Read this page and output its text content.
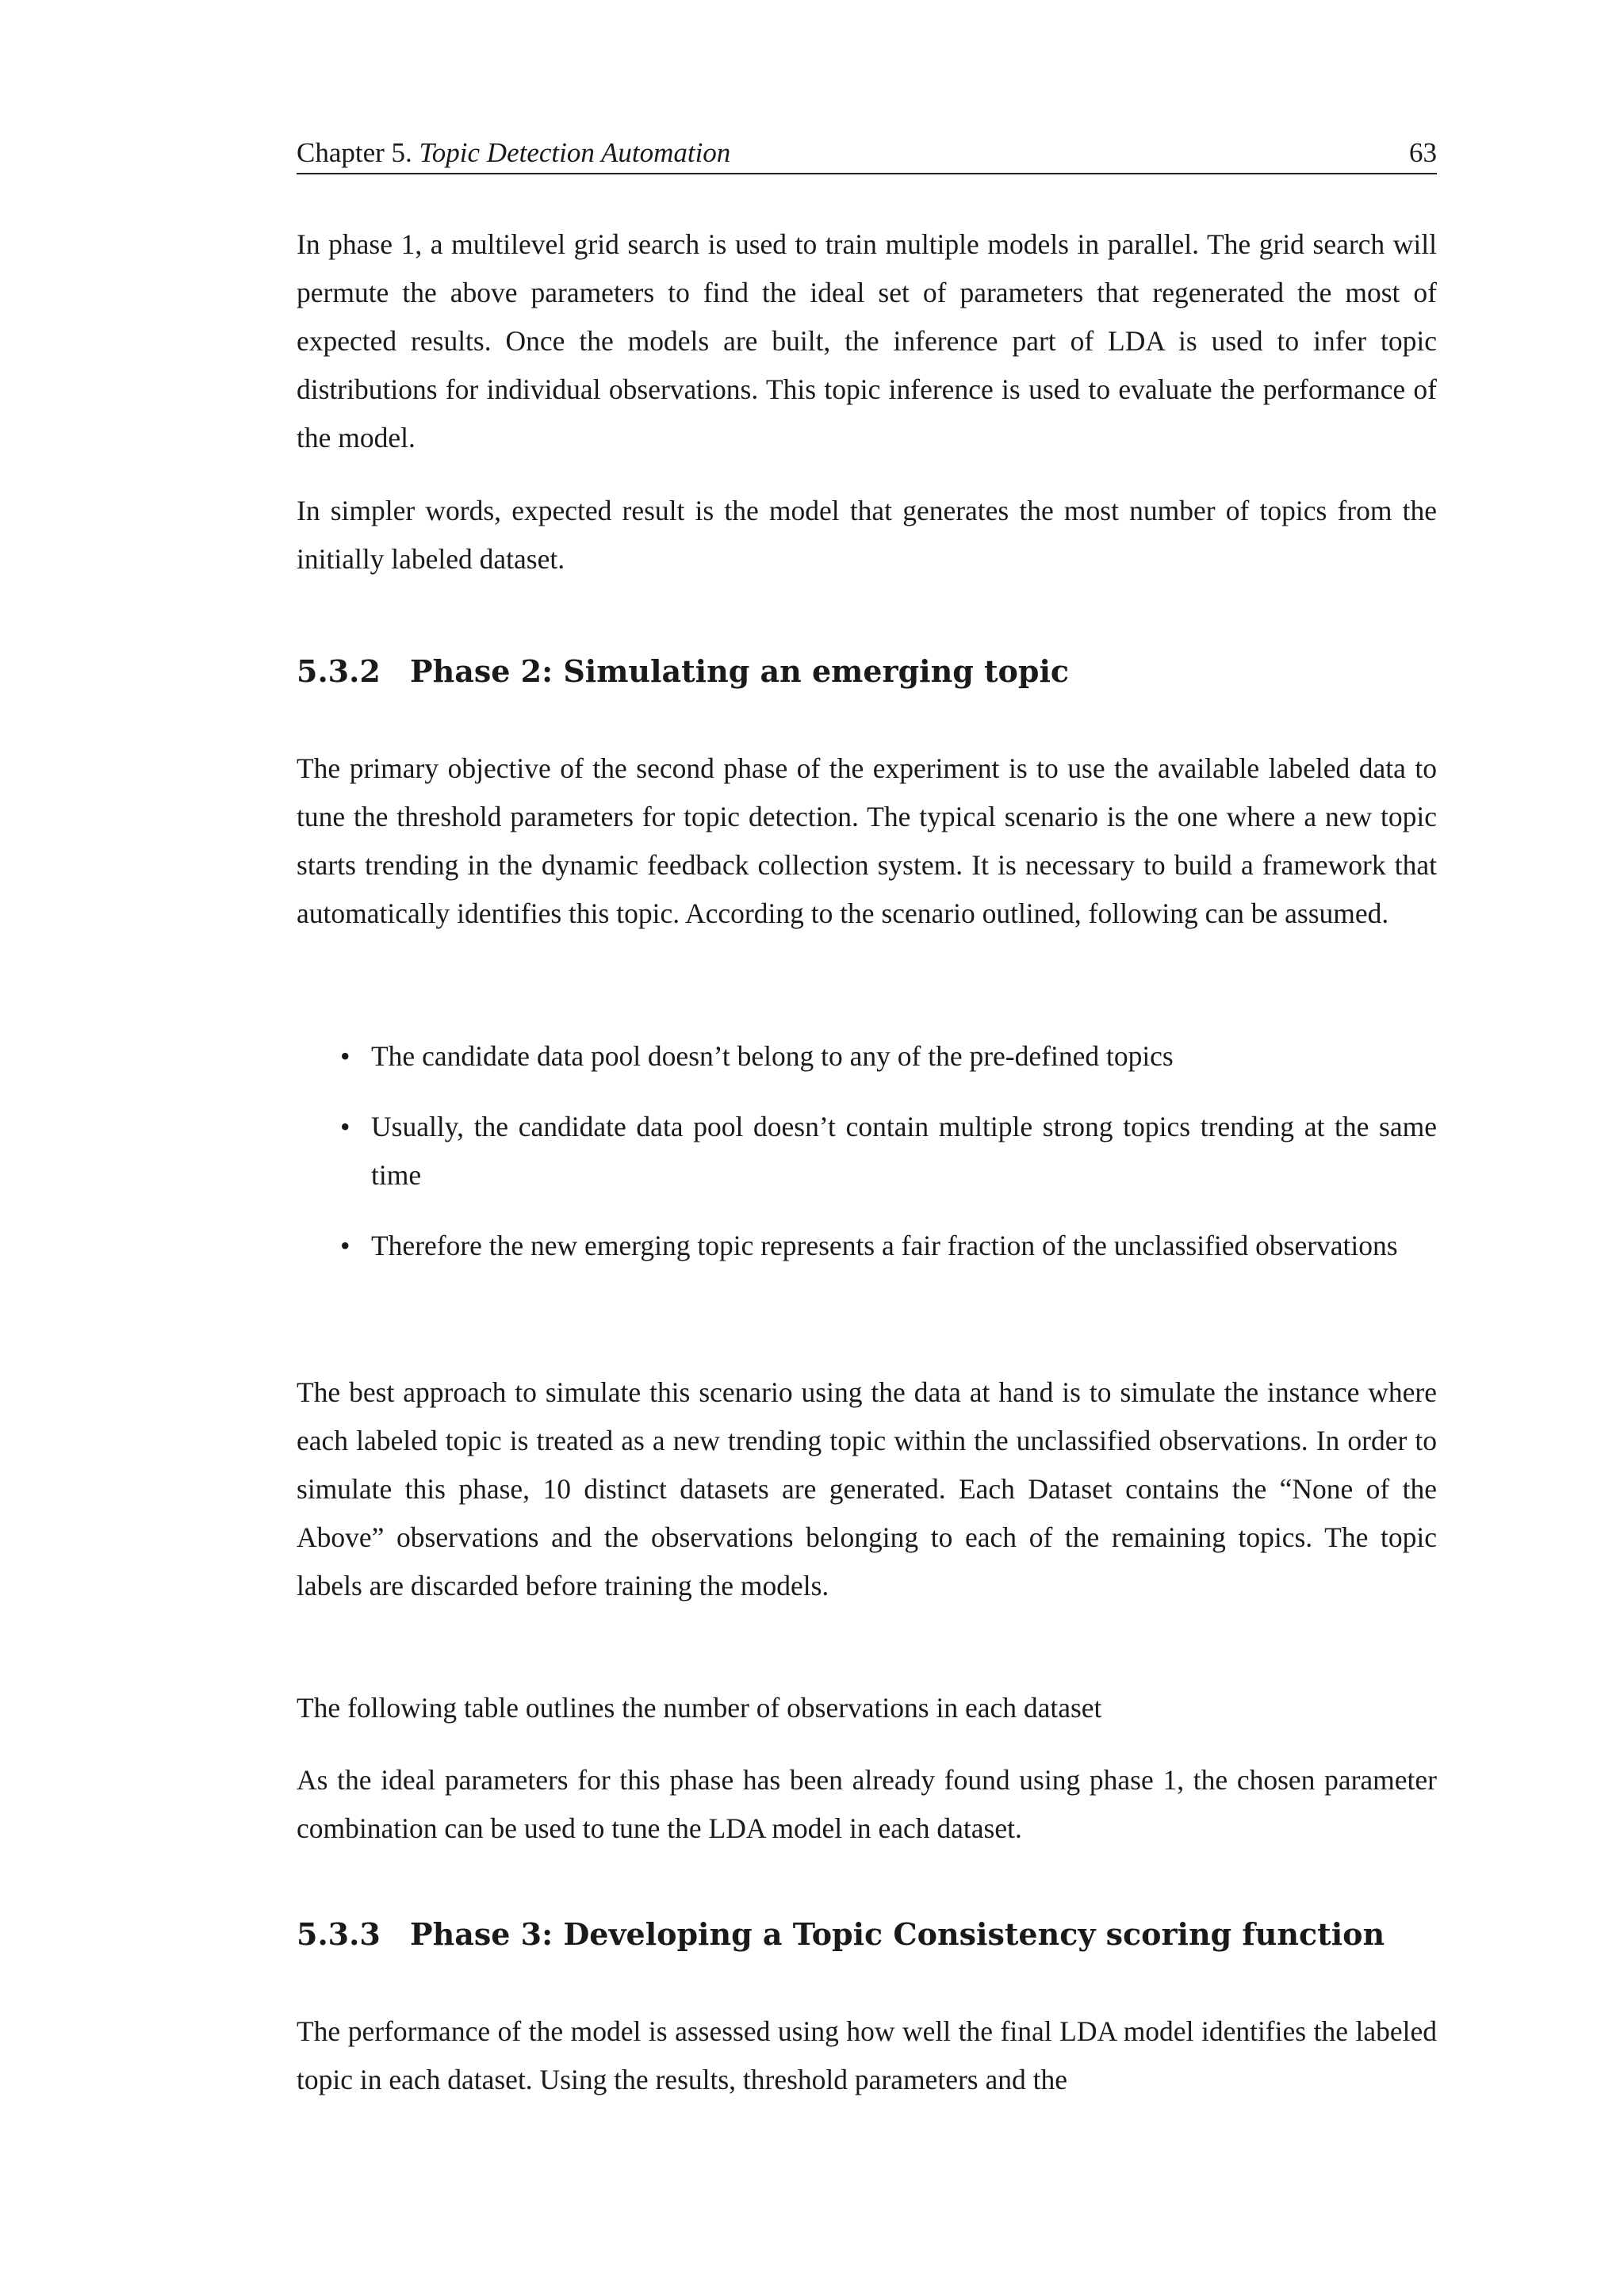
Chapter 5. Topic Detection Automation	63

In phase 1, a multilevel grid search is used to train multiple models in parallel. The grid search will permute the above parameters to find the ideal set of parameters that regenerated the most of expected results. Once the models are built, the inference part of LDA is used to infer topic distributions for individual observations. This topic inference is used to evaluate the performance of the model.

In simpler words, expected result is the model that generates the most number of topics from the initially labeled dataset.

5.3.2 Phase 2: Simulating an emerging topic

The primary objective of the second phase of the experiment is to use the available labeled data to tune the threshold parameters for topic detection. The typical scenario is the one where a new topic starts trending in the dynamic feedback collection system. It is necessary to build a framework that automatically identifies this topic. According to the scenario outlined, following can be assumed.

• The candidate data pool doesn’t belong to any of the pre-defined topics
• Usually, the candidate data pool doesn’t contain multiple strong topics trending at the same time
• Therefore the new emerging topic represents a fair fraction of the unclassified observations

The best approach to simulate this scenario using the data at hand is to simulate the instance where each labeled topic is treated as a new trending topic within the unclassified observations. In order to simulate this phase, 10 distinct datasets are generated. Each Dataset contains the “None of the Above” observations and the observations belonging to each of the remaining topics. The topic labels are discarded before training the models.

The following table outlines the number of observations in each dataset

As the ideal parameters for this phase has been already found using phase 1, the chosen parameter combination can be used to tune the LDA model in each dataset.

5.3.3 Phase 3: Developing a Topic Consistency scoring function

The performance of the model is assessed using how well the final LDA model identifies the labeled topic in each dataset. Using the results, threshold parameters and the
